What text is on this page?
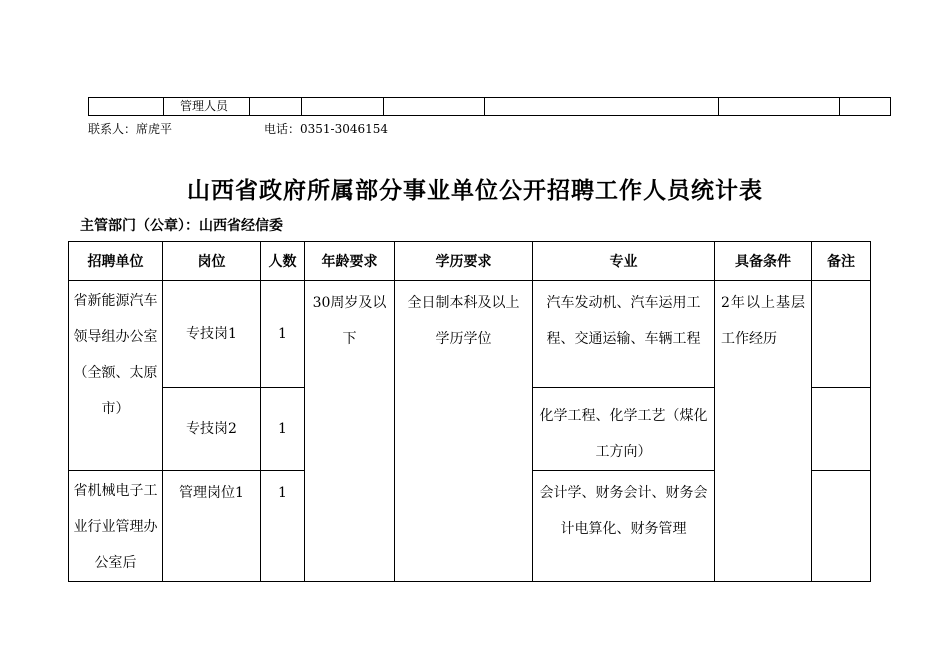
	管理人员						
联系人：席虎平	电话：0351-3046154
山西省政府所属部分事业单位公开招聘工作人员统计表
主管部门（公章）：山西省经信委
招聘单位	岗位	人数	年龄要求	学历要求	专业	具备条件	备注
省新能源汽车领导组办公室（全额、太原市）	专技岗1	1	30周岁及以下	全日制本科及以上学历学位	汽车发动机、汽车运用工程、交通运输、车辆工程	2年以上基层工作经历	
	专技岗2	1			化学工程、化学工艺（煤化工方向）		
省机械电子工业行业管理办公室后	管理岗位1	1			会计学、财务会计、财务会计电算化、财务管理		
